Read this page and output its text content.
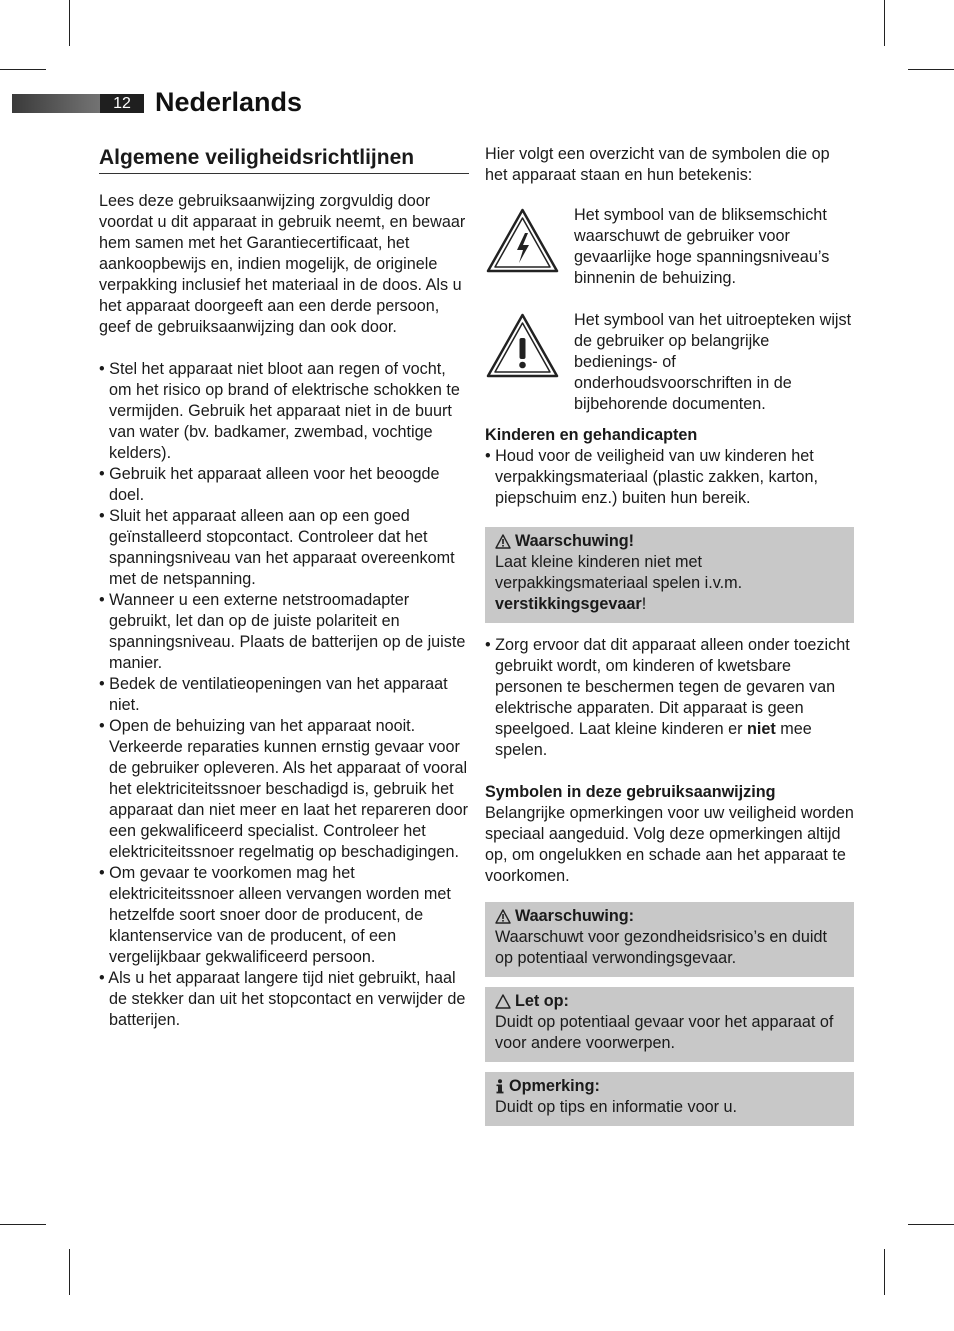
12 Nederlands
Algemene veiligheidsrichtlijnen

Lees deze gebruiksaanwijzing zorgvuldig door voordat u dit apparaat in gebruik neemt, en bewaar hem samen met het Garantiecertificaat, het aankoopbewijs en, indien mogelijk, de originele verpakking inclusief het materiaal in de doos. Als u het apparaat doorgeeft aan een derde persoon, geef de gebruiksaanwijzing dan ook door.

• Stel het apparaat niet bloot aan regen of vocht, om het risico op brand of elektrische schokken te vermijden. Gebruik het apparaat niet in de buurt van water (bv. badkamer, zwembad, vochtige kelders).
• Gebruik het apparaat alleen voor het beoogde doel.
• Sluit het apparaat alleen aan op een goed geïnstalleerd stopcontact. Controleer dat het spanningsniveau van het apparaat overeenkomt met de netspanning.
• Wanneer u een externe netstroomadapter gebruikt, let dan op de juiste polariteit en spanningsniveau. Plaats de batterijen op de juiste manier.
• Bedek de ventilatieopeningen van het apparaat niet.
• Open de behuizing van het apparaat nooit. Verkeerde reparaties kunnen ernstig gevaar voor de gebruiker opleveren. Als het apparaat of vooral het elektriciteitssnoer beschadigd is, gebruik het apparaat dan niet meer en laat het repareren door een gekwalificeerd specialist. Controleer het elektriciteitssnoer regelmatig op beschadigingen.
• Om gevaar te voorkomen mag het elektriciteitssnoer alleen vervangen worden met hetzelfde soort snoer door de producent, de klantenservice van de producent, of een vergelijkbaar gekwalificeerd persoon.
• Als u het apparaat langere tijd niet gebruikt, haal de stekker dan uit het stopcontact en verwijder de batterijen.

Hier volgt een overzicht van de symbolen die op het apparaat staan en hun betekenis:

Het symbool van de bliksemschicht waarschuwt de gebruiker voor gevaarlijke hoge spanningsniveau’s binnenin de behuizing.

Het symbool van het uitroepteken wijst de gebruiker op belangrijke bedienings- of onderhoudsvoorschriften in de bijbehorende documenten.

Kinderen en gehandicapten

• Houd voor de veiligheid van uw kinderen het verpakkingsmateriaal (plastic zakken, karton, piepschuim enz.) buiten hun bereik.

Waarschuwing!

Laat kleine kinderen niet met verpakkingsmateriaal spelen i.v.m. verstikkingsgevaar!

• Zorg ervoor dat dit apparaat alleen onder toezicht gebruikt wordt, om kinderen of kwetsbare personen te beschermen tegen de gevaren van elektrische apparaten. Dit apparaat is geen speelgoed. Laat kleine kinderen er niet mee spelen.

Symbolen in deze gebruiksaanwijzing

Belangrijke opmerkingen voor uw veiligheid worden speciaal aangeduid. Volg deze opmerkingen altijd op, om ongelukken en schade aan het apparaat te voorkomen.

Waarschuwing:

Waarschuwt voor gezondheidsrisico’s en duidt op potentiaal verwondingsgevaar.

Let op:

Duidt op potentiaal gevaar voor het apparaat of voor andere voorwerpen.

Opmerking:

Duidt op tips en informatie voor u.
